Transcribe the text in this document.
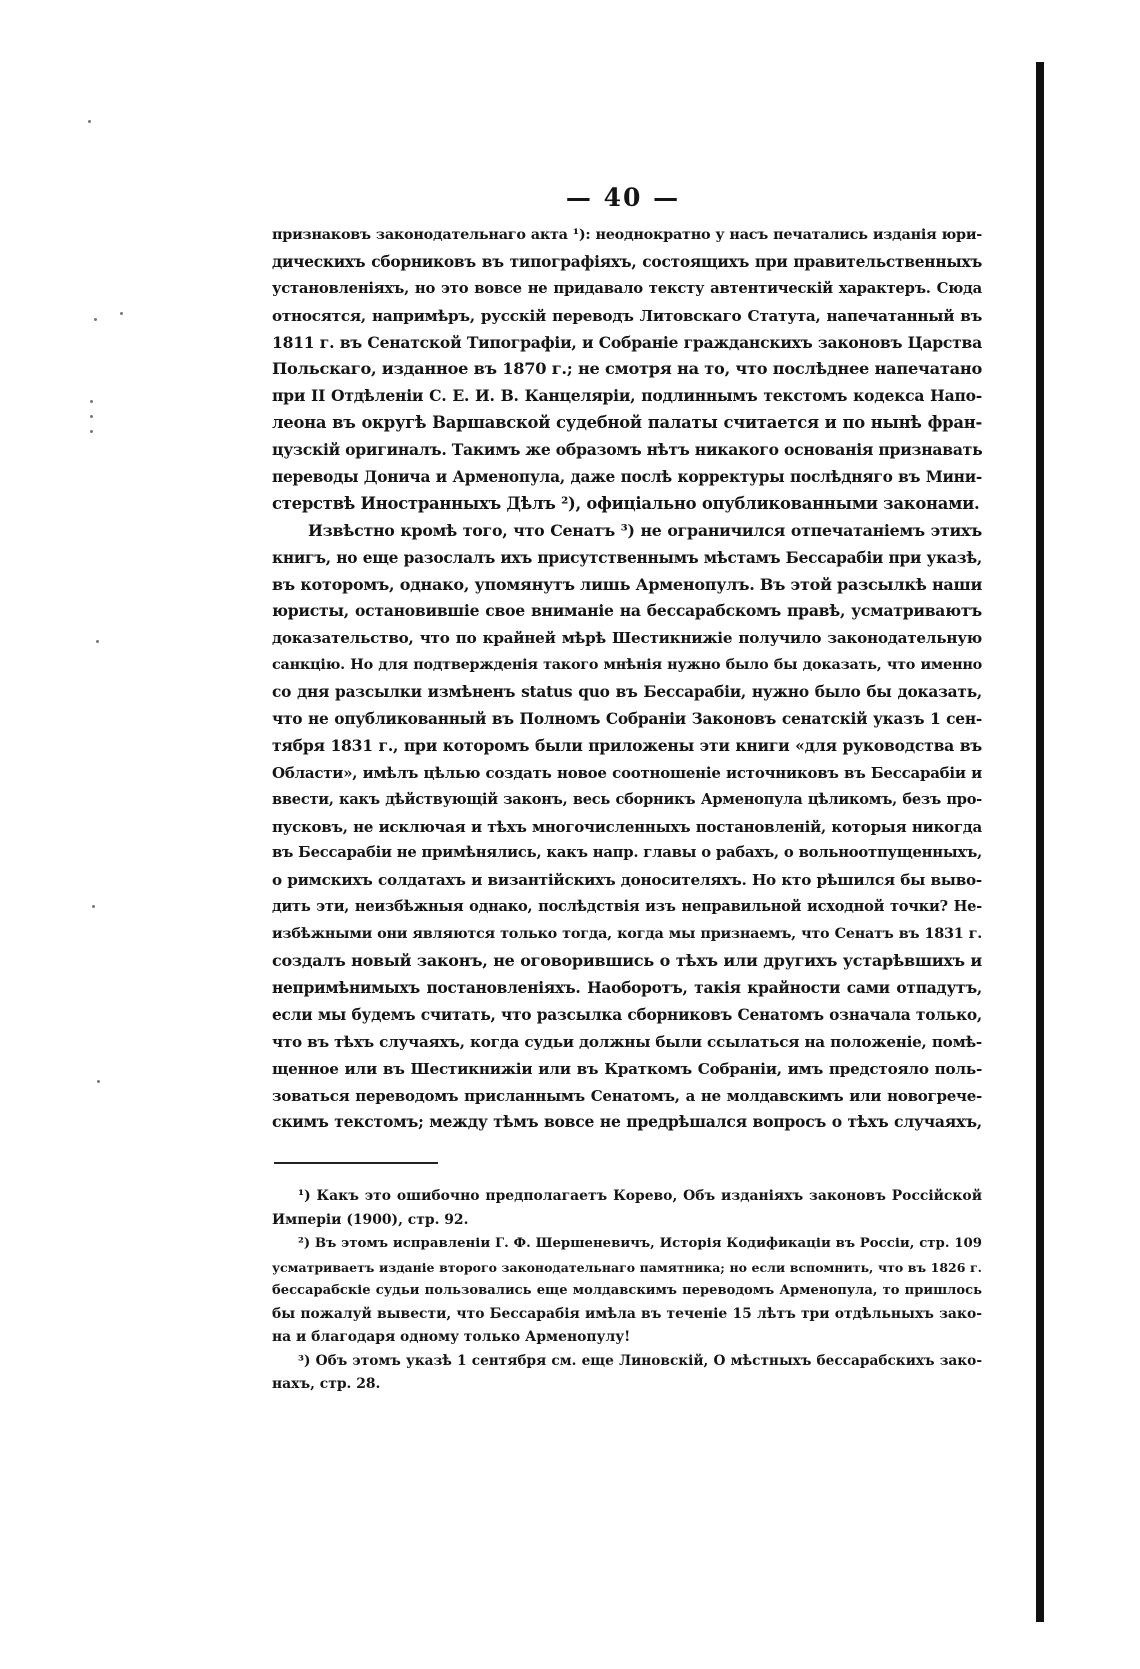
— 40 —
признаковъ законодательнаго акта ¹): неоднократно у насъ печатались изданія юри-
дическихъ сборниковъ въ типографіяхъ, состоящихъ при правительственныхъ
установленіяхъ, но это вовсе не придавало тексту автентическій характеръ. Сюда
относятся, напримѣръ, русскій переводъ Литовскаго Статута, напечатанный въ
1811 г. въ Сенатской Типографіи, и Собраніе гражданскихъ законовъ Царства
Польскаго, изданное въ 1870 г.; не смотря на то, что послѣднее напечатано
при II Отдѣленіи С. Е. И. В. Канцеляріи, подлиннымъ текстомъ кодекса Напо-
леона въ округѣ Варшавской судебной палаты считается и по нынѣ фран-
цузскій оригиналъ. Такимъ же образомъ нѣтъ никакого основанія признавать
переводы Донича и Арменопула, даже послѣ корректуры послѣдняго въ Мини-
стерствѣ Иностранныхъ Дѣлъ ²), офиціально опубликованными законами.
Извѣстно кромѣ того, что Сенатъ ³) не ограничился отпечатаніемъ этихъ
книгъ, но еще разослалъ ихъ присутственнымъ мѣстамъ Бессарабіи при указѣ,
въ которомъ, однако, упомянутъ лишь Арменопулъ. Въ этой разсылкѣ наши
юристы, остановившіе свое вниманіе на бессарабскомъ правѣ, усматриваютъ
доказательство, что по крайней мѣрѣ Шестикнижіе получило законодательную
санкцію. Но для подтвержденія такого мнѣнія нужно было бы доказать, что именно
со дня разсылки измѣненъ status quo въ Бессарабіи, нужно было бы доказать,
что не опубликованный въ Полномъ Собраніи Законовъ сенатскій указъ 1 сен-
тября 1831 г., при которомъ были приложены эти книги «для руководства въ
Области», имѣлъ цѣлью создать новое соотношеніе источниковъ въ Бессарабіи и
ввести, какъ дѣйствующій законъ, весь сборникъ Арменопула цѣликомъ, безъ про-
пусковъ, не исключая и тѣхъ многочисленныхъ постановленій, которыя никогда
въ Бессарабіи не примѣнялись, какъ напр. главы о рабахъ, о вольноотпущенныхъ,
о римскихъ солдатахъ и византійскихъ доносителяхъ. Но кто рѣшился бы выво-
дить эти, неизбѣжныя однако, послѣдствія изъ неправильной исходной точки? Не-
избѣжными они являются только тогда, когда мы признаемъ, что Сенатъ въ 1831 г.
создалъ новый законъ, не оговорившись о тѣхъ или другихъ устарѣвшихъ и
непримѣнимыхъ постановленіяхъ. Наоборотъ, такія крайности сами отпадутъ,
если мы будемъ считать, что разсылка сборниковъ Сенатомъ означала только,
что въ тѣхъ случаяхъ, когда судьи должны были ссылаться на положеніе, помѣ-
щенное или въ Шестикнижіи или въ Краткомъ Собраніи, имъ предстояло поль-
зоваться переводомъ присланнымъ Сенатомъ, а не молдавскимъ или новогрече-
скимъ текстомъ; между тѣмъ вовсе не предрѣшался вопросъ о тѣхъ случаяхъ,
¹) Какъ это ошибочно предполагаетъ Корево, Объ изданіяхъ законовъ Россійской
Имперіи (1900), стр. 92.
²) Въ этомъ исправленіи Г. Ф. Шершеневичъ, Исторія Кодификаціи въ Россіи, стр. 109
усматриваетъ изданіе второго законодательнаго памятника; но если вспомнить, что въ 1826 г.
бессарабскіе судьи пользовались еще молдавскимъ переводомъ Арменопула, то пришлось
бы пожалуй вывести, что Бессарабія имѣла въ теченіе 15 лѣтъ три отдѣльныхъ зако-
на и благодаря одному только Арменопулу!
³) Объ этомъ указѣ 1 сентября см. еще Линовскій, О мѣстныхъ бессарабскихъ зако-
нахъ, стр. 28.
